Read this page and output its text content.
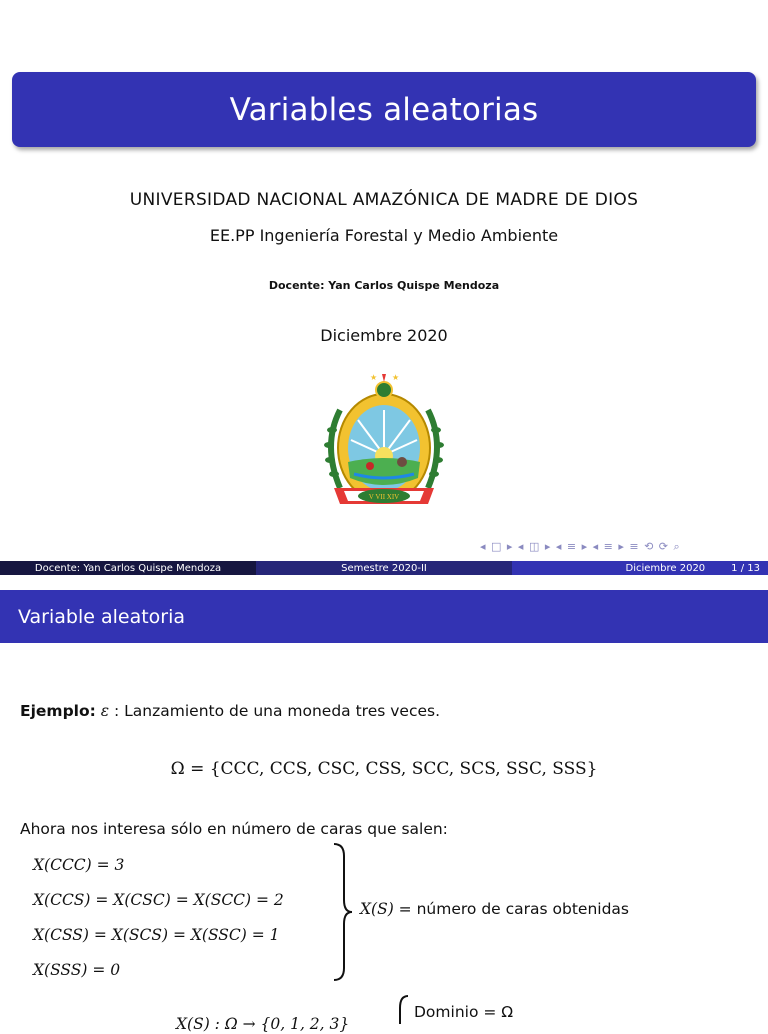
Variables aleatorias
UNIVERSIDAD NACIONAL AMAZÓNICA DE MADRE DE DIOS
EE.PP Ingeniería Forestal y Medio Ambiente
Docente: Yan Carlos Quispe Mendoza
Diciembre 2020
★ ★
V VII XIV
◂ □ ▸ ◂ ◫ ▸ ◂ ≡ ▸ ◂ ≡ ▸ ≡ ⟲ ⟳ ⌕
Docente: Yan Carlos Quispe Mendoza	Semestre 2020-II	Diciembre 2020	1 / 13
Variable aleatoria
Ejemplo: ε : Lanzamiento de una moneda tres veces.
Ω = {CCC, CCS, CSC, CSS, SCC, SCS, SSC, SSS}
Ahora nos interesa sólo en número de caras que salen:
X(CCC) = 3
X(CCS) = X(CSC) = X(SCC) = 2
X(CSS) = X(SCS) = X(SSC) = 1
X(SSS) = 0
X(S) = número de caras obtenidas
X(S) : Ω → {0, 1, 2, 3}
Dominio = Ω
